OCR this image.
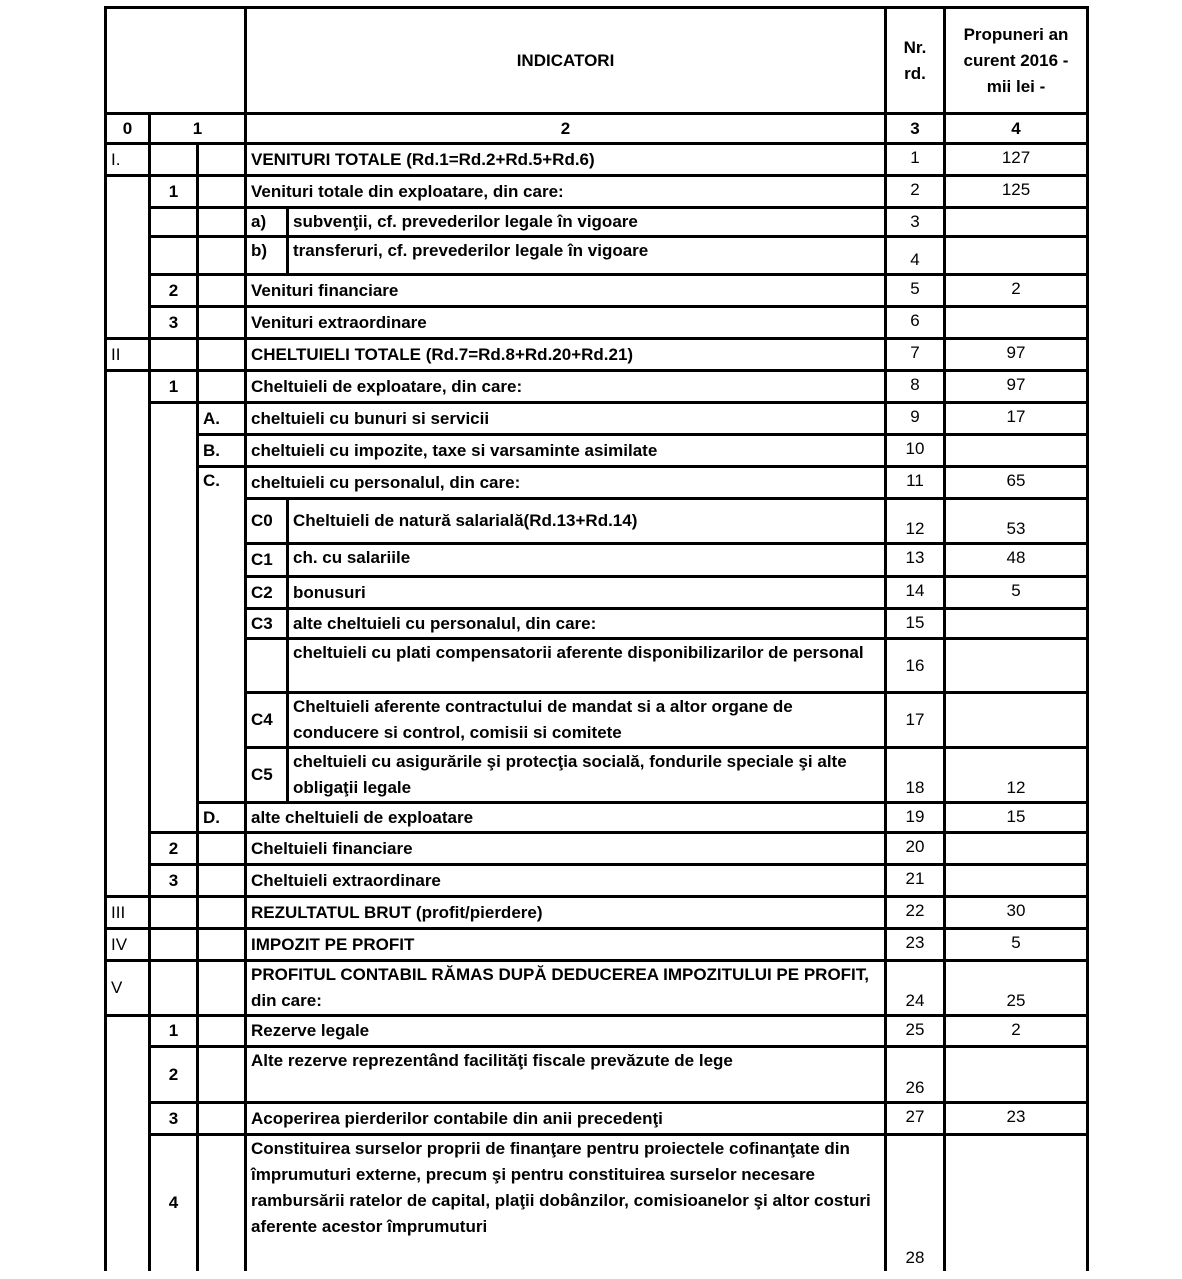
			INDICATORI		Nr. rd.	Propuneri an curent 2016 - mii lei -
0	1		2		3	4
I.			VENITURI TOTALE (Rd.1=Rd.2+Rd.5+Rd.6)		1	127
	1		Venituri totale din exploatare, din care:		2	125
			a)	subvenţii, cf. prevederilor legale în vigoare	3	
			b)	transferuri, cf. prevederilor legale în vigoare	4	
	2		Venituri financiare		5	2
	3		Venituri extraordinare		6	
II			CHELTUIELI TOTALE (Rd.7=Rd.8+Rd.20+Rd.21)		7	97
	1		Cheltuieli de exploatare, din care:		8	97
		A.	cheltuieli cu bunuri si servicii		9	17
		B.	cheltuieli cu impozite, taxe si varsaminte asimilate		10	
		C.	cheltuieli cu personalul, din care:		11	65
			C0	Cheltuieli de natură salarială(Rd.13+Rd.14)	12	53
			C1	ch. cu salariile	13	48
			C2	bonusuri	14	5
			C3	alte cheltuieli cu personalul, din care:	15	
				cheltuieli cu plati compensatorii aferente disponibilizarilor de personal	16	
			C4	Cheltuieli aferente contractului de mandat si a altor organe de conducere si control, comisii si comitete	17	
			C5	cheltuieli cu asigurările şi protecţia socială, fondurile speciale şi alte obligaţii legale	18	12
		D.	alte cheltuieli de exploatare		19	15
	2		Cheltuieli financiare		20	
	3		Cheltuieli extraordinare		21	
III			REZULTATUL BRUT (profit/pierdere)		22	30
IV			IMPOZIT PE PROFIT		23	5
V			PROFITUL CONTABIL RĂMAS DUPĂ DEDUCEREA IMPOZITULUI PE PROFIT, din care:		24	25
	1		Rezerve legale		25	2
	2		Alte rezerve reprezentând facilităţi fiscale prevăzute de lege		26	
	3		Acoperirea pierderilor contabile din anii precedenţi		27	23
	4		Constituirea surselor proprii de finanţare pentru proiectele cofinanţate din împrumuturi externe, precum şi pentru constituirea surselor necesare rambursării ratelor de capital, plaţii dobânzilor, comisioanelor şi altor costuri aferente acestor împrumuturi		28	
